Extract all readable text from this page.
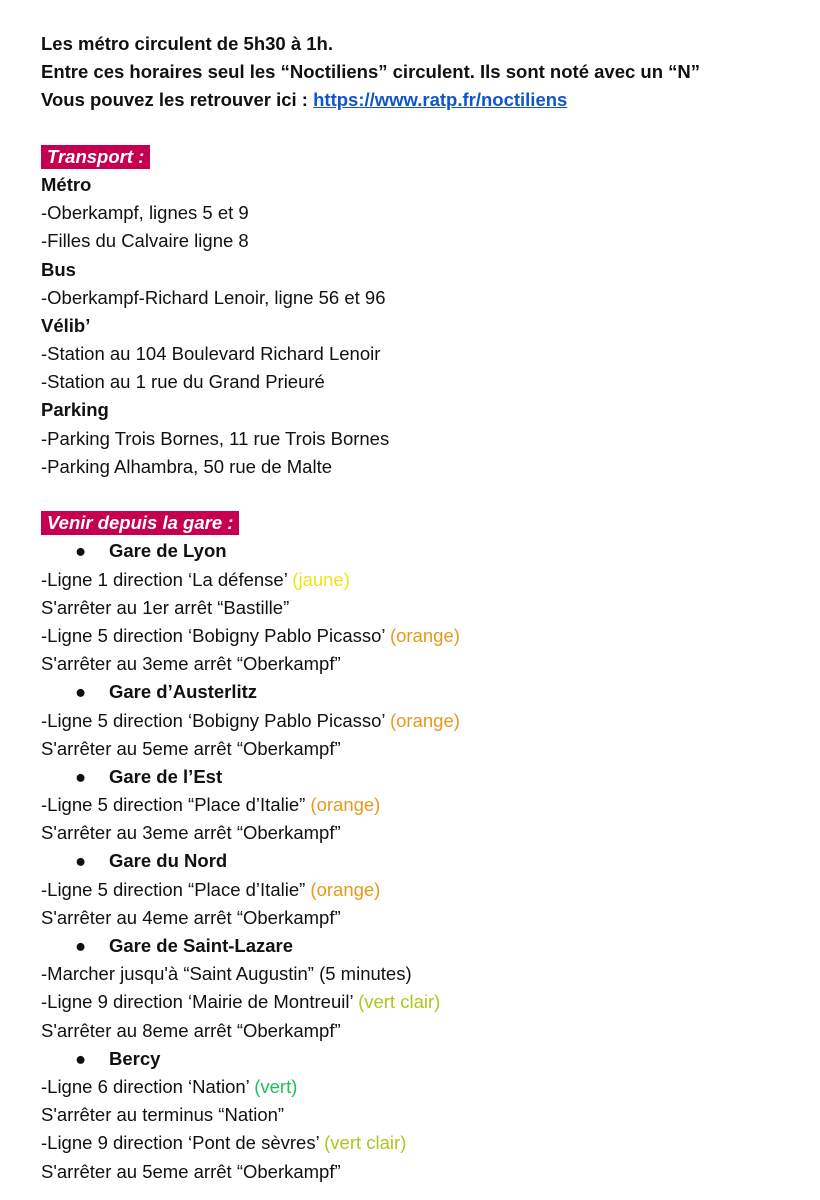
Les métro circulent de 5h30 à 1h.
Entre ces horaires seul les “Noctiliens” circulent. Ils sont noté avec un “N”
Vous pouvez les retrouver ici : https://www.ratp.fr/noctiliens
Transport :
Métro
-Oberkampf, lignes 5 et 9
-Filles du Calvaire ligne 8
Bus
-Oberkampf-Richard Lenoir, ligne 56 et 96
Vélib’
-Station au 104 Boulevard Richard Lenoir
-Station au 1 rue du Grand Prieuré
Parking
-Parking Trois Bornes, 11 rue Trois Bornes
-Parking Alhambra, 50 rue de Malte
Venir depuis la gare :
● Gare de Lyon
-Ligne 1 direction ‘La défense’ (jaune)
S'arrêter au 1er arrêt “Bastille”
-Ligne 5 direction ‘Bobigny Pablo Picasso’ (orange)
S'arrêter au 3eme arrêt “Oberkampf”
● Gare d’Austerlitz
-Ligne 5 direction ‘Bobigny Pablo Picasso’ (orange)
S'arrêter au 5eme arrêt “Oberkampf”
● Gare de l’Est
-Ligne 5 direction “Place d’Italie” (orange)
S'arrêter au 3eme arrêt “Oberkampf”
● Gare du Nord
-Ligne 5 direction “Place d’Italie” (orange)
S'arrêter au 4eme arrêt “Oberkampf”
● Gare de Saint-Lazare
-Marcher jusqu'à “Saint Augustin” (5 minutes)
-Ligne 9 direction ‘Mairie de Montreuil’ (vert clair)
S'arrêter au 8eme arrêt “Oberkampf”
● Bercy
-Ligne 6 direction ‘Nation’ (vert)
S'arrêter au terminus “Nation”
-Ligne 9 direction ‘Pont de sèvres’ (vert clair)
S'arrêter au 5eme arrêt “Oberkampf”
